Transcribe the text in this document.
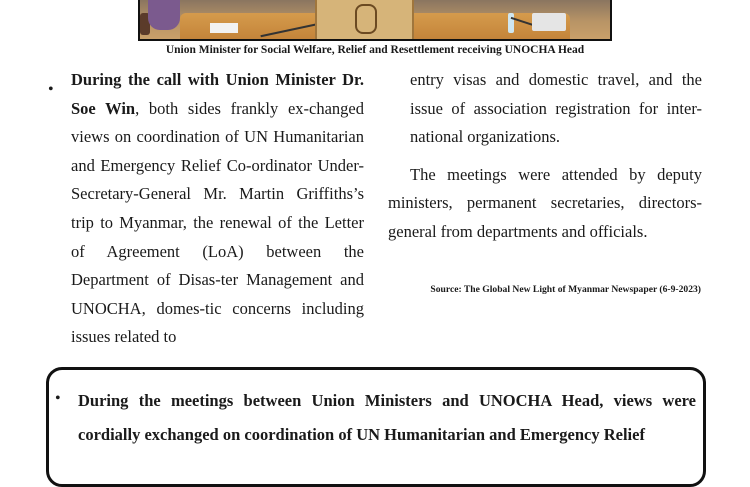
Union Minister for Social Welfare, Relief and Resettlement receiving UNOCHA Head
•

During the call with Union Minister Dr. Soe Win, both sides frankly ex-changed views on coordination of UN Humanitarian and Emergency Relief Co-ordinator Under-Secretary-General Mr. Martin Griffiths’s trip to Myanmar, the renewal of the Letter of Agreement (LoA) between the Department of Disas-ter Management and UNOCHA, domes-tic concerns including issues related to

entry visas and domestic travel, and the issue of association registration for inter-national organizations.

The meetings were attended by deputy ministers, permanent secretaries, directors-general from departments and officials.

Source: The Global New Light of Myanmar Newspaper (6-9-2023)
• During the meetings between Union Ministers and UNOCHA Head, views were cordially exchanged on coordination of UN Humanitarian and Emergency Relief
